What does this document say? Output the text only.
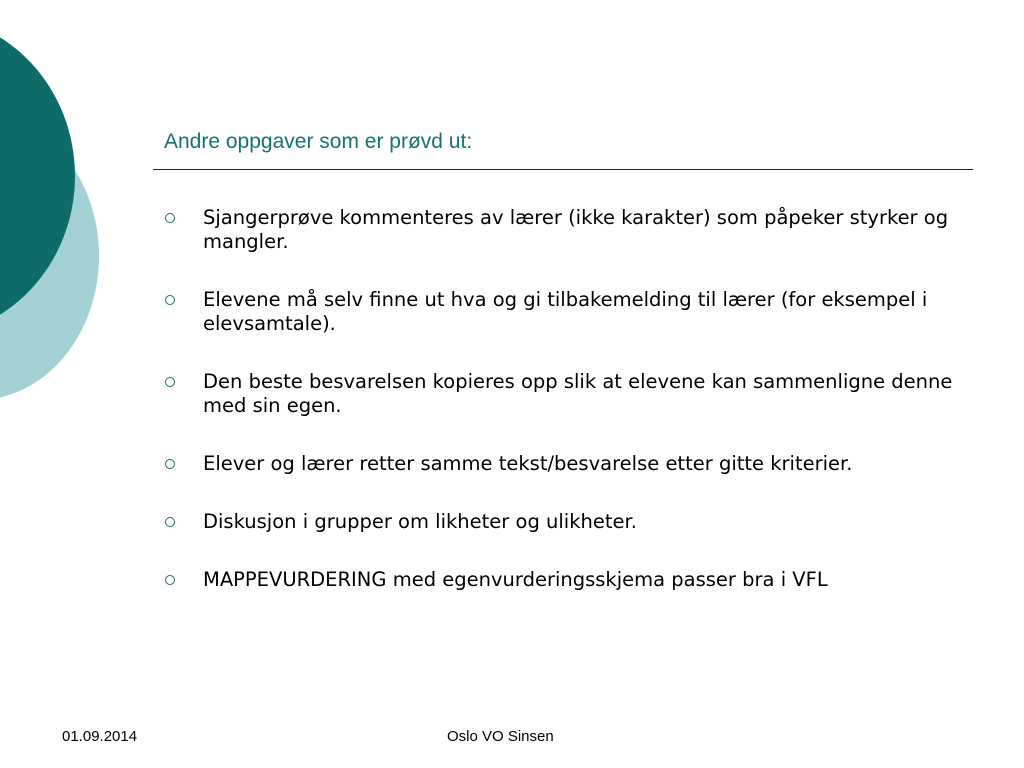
Andre oppgaver som er prøvd ut:
Sjangerprøve kommenteres av lærer (ikke karakter) som påpeker styrker og mangler.
Elevene må selv finne ut hva og gi tilbakemelding til lærer (for eksempel i elevsamtale).
Den beste besvarelsen kopieres opp slik at elevene kan sammenligne denne med sin egen.
Elever og lærer retter samme tekst/besvarelse etter gitte kriterier.
Diskusjon i grupper om likheter og ulikheter.
MAPPEVURDERING med egenvurderingsskjema passer bra i VFL
01.09.2014	Oslo VO Sinsen
